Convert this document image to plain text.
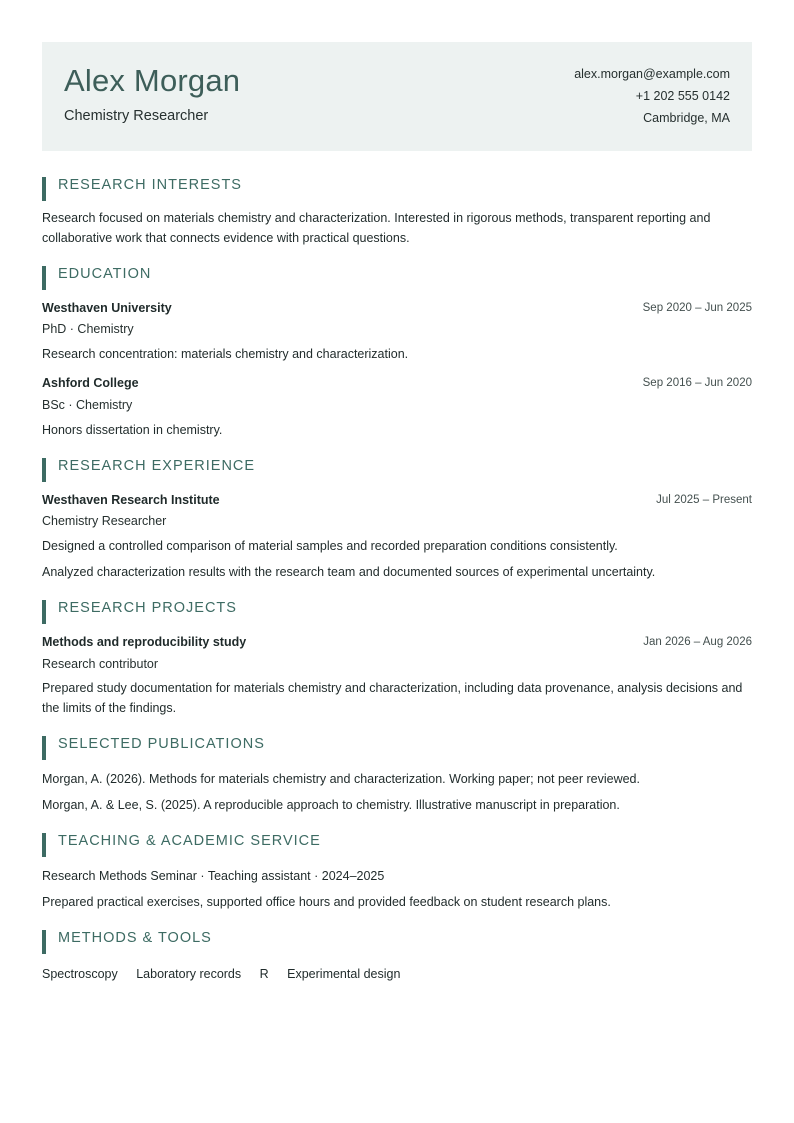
Alex Morgan
Chemistry Researcher
alex.morgan@example.com
+1 202 555 0142
Cambridge, MA
RESEARCH INTERESTS
Research focused on materials chemistry and characterization. Interested in rigorous methods, transparent reporting and collaborative work that connects evidence with practical questions.
EDUCATION
Westhaven University	Sep 2020 – Jun 2025
PhD · Chemistry
Research concentration: materials chemistry and characterization.
Ashford College	Sep 2016 – Jun 2020
BSc · Chemistry
Honors dissertation in chemistry.
RESEARCH EXPERIENCE
Westhaven Research Institute	Jul 2025 – Present
Chemistry Researcher
Designed a controlled comparison of material samples and recorded preparation conditions consistently.
Analyzed characterization results with the research team and documented sources of experimental uncertainty.
RESEARCH PROJECTS
Methods and reproducibility study	Jan 2026 – Aug 2026
Research contributor
Prepared study documentation for materials chemistry and characterization, including data provenance, analysis decisions and the limits of the findings.
SELECTED PUBLICATIONS
Morgan, A. (2026). Methods for materials chemistry and characterization. Working paper; not peer reviewed.
Morgan, A. & Lee, S. (2025). A reproducible approach to chemistry. Illustrative manuscript in preparation.
TEACHING & ACADEMIC SERVICE
Research Methods Seminar · Teaching assistant · 2024–2025
Prepared practical exercises, supported office hours and provided feedback on student research plans.
METHODS & TOOLS
Spectroscopy Laboratory records R Experimental design
